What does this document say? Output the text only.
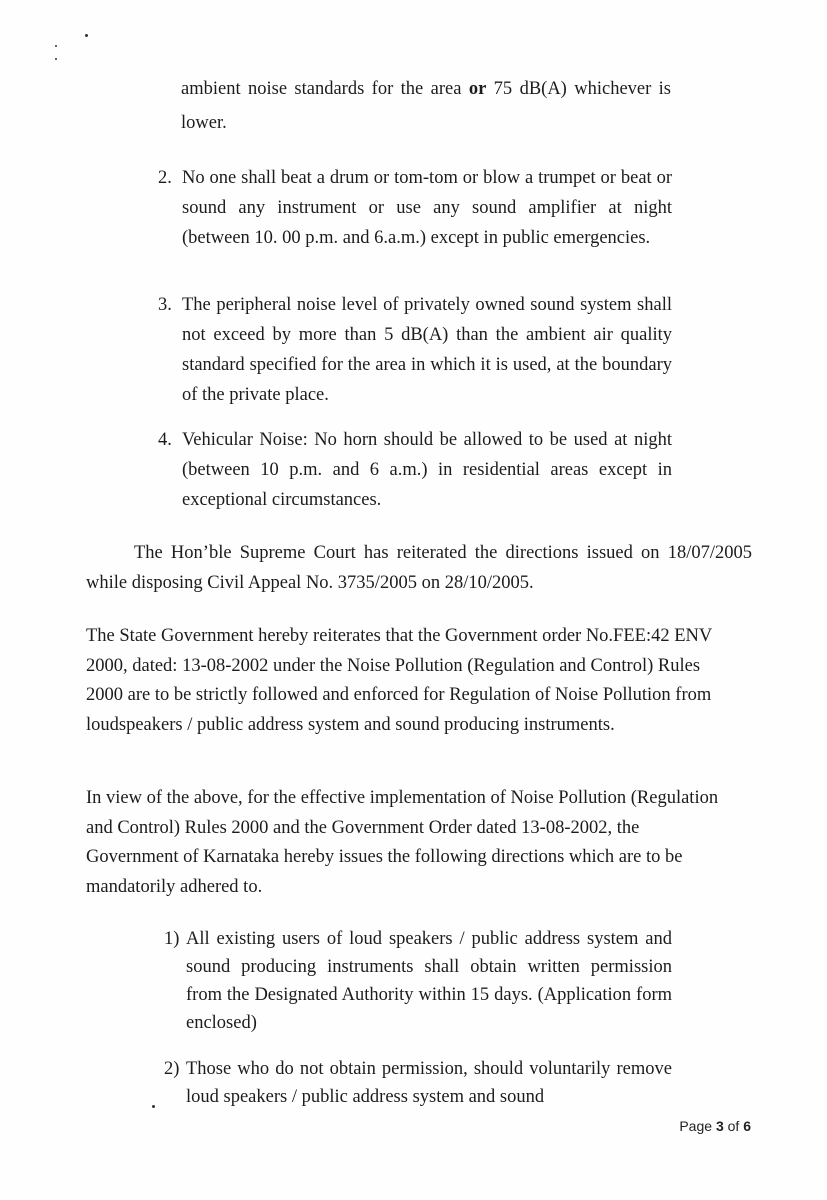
ambient noise standards for the area or 75 dB(A) whichever is lower.

2. No one shall beat a drum or tom-tom or blow a trumpet or beat or sound any instrument or use any sound amplifier at night (between 10. 00 p.m. and 6.a.m.) except in public emergencies.
3. The peripheral noise level of privately owned sound system shall not exceed by more than 5 dB(A) than the ambient air quality standard specified for the area in which it is used, at the boundary of the private place.
4. Vehicular Noise: No horn should be allowed to be used at night (between 10 p.m. and 6 a.m.) in residential areas except in exceptional circumstances.

The Hon’ble Supreme Court has reiterated the directions issued on 18/07/2005 while disposing Civil Appeal No. 3735/2005 on 28/10/2005.

The State Government hereby reiterates that the Government order No.FEE:42 ENV 2000, dated: 13-08-2002 under the Noise Pollution (Regulation and Control) Rules 2000 are to be strictly followed and enforced for Regulation of Noise Pollution from loudspeakers / public address system and sound producing instruments.

In view of the above, for the effective implementation of Noise Pollution (Regulation and Control) Rules 2000 and the Government Order dated 13-08-2002, the Government of Karnataka hereby issues the following directions which are to be mandatorily adhered to.

1) All existing users of loud speakers / public address system and sound producing instruments shall obtain written permission from the Designated Authority within 15 days. (Application form enclosed)
2) Those who do not obtain permission, should voluntarily remove loud speakers / public address system and sound
Page 3 of 6
